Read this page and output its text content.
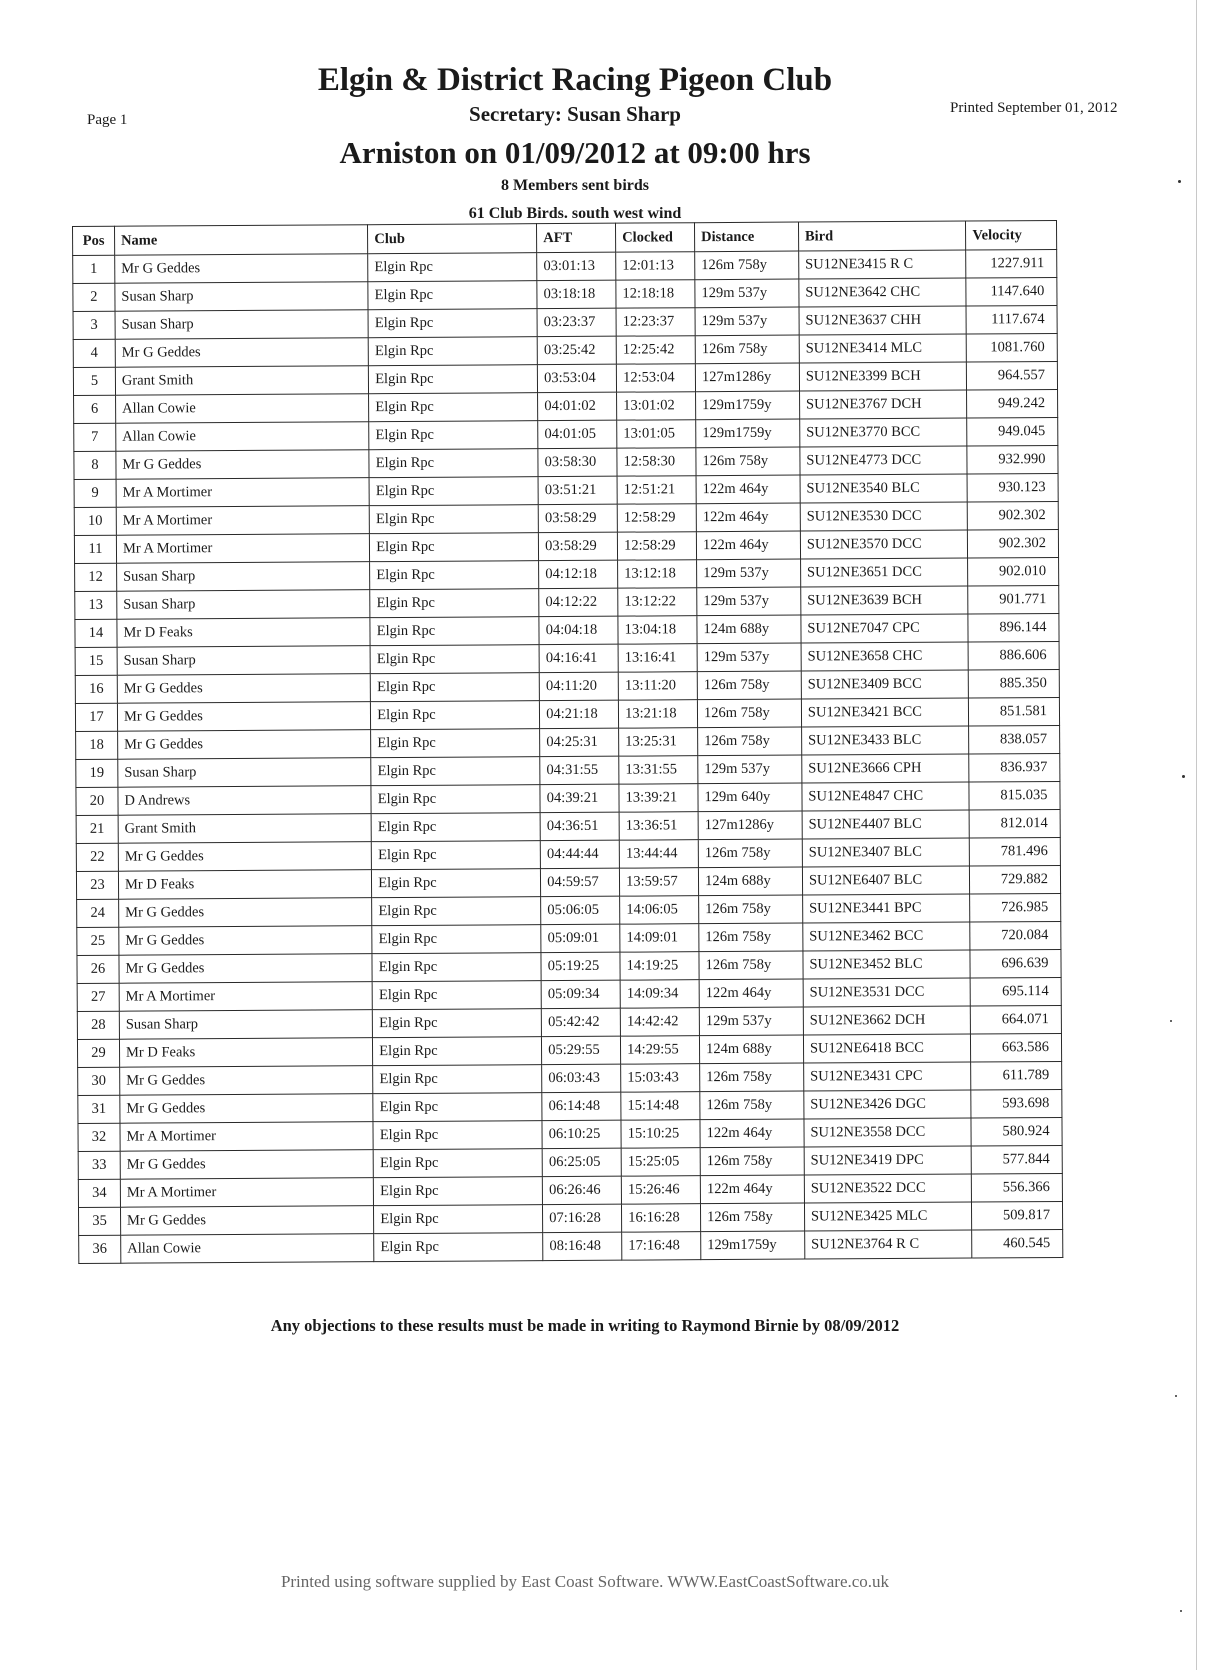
Page 1
Printed September 01, 2012
Elgin & District Racing Pigeon Club
Secretary: Susan Sharp
Arniston on 01/09/2012 at 09:00 hrs
8 Members sent birds
61 Club Birds. south west wind
Pos	Name	Club	AFT	Clocked	Distance	Bird	Velocity
1	Mr G Geddes	Elgin Rpc	03:01:13	12:01:13	126m 758y	SU12NE3415 R C	1227.911
2	Susan Sharp	Elgin Rpc	03:18:18	12:18:18	129m 537y	SU12NE3642 CHC	1147.640
3	Susan Sharp	Elgin Rpc	03:23:37	12:23:37	129m 537y	SU12NE3637 CHH	1117.674
4	Mr G Geddes	Elgin Rpc	03:25:42	12:25:42	126m 758y	SU12NE3414 MLC	1081.760
5	Grant Smith	Elgin Rpc	03:53:04	12:53:04	127m1286y	SU12NE3399 BCH	964.557
6	Allan Cowie	Elgin Rpc	04:01:02	13:01:02	129m1759y	SU12NE3767 DCH	949.242
7	Allan Cowie	Elgin Rpc	04:01:05	13:01:05	129m1759y	SU12NE3770 BCC	949.045
8	Mr G Geddes	Elgin Rpc	03:58:30	12:58:30	126m 758y	SU12NE4773 DCC	932.990
9	Mr A Mortimer	Elgin Rpc	03:51:21	12:51:21	122m 464y	SU12NE3540 BLC	930.123
10	Mr A Mortimer	Elgin Rpc	03:58:29	12:58:29	122m 464y	SU12NE3530 DCC	902.302
11	Mr A Mortimer	Elgin Rpc	03:58:29	12:58:29	122m 464y	SU12NE3570 DCC	902.302
12	Susan Sharp	Elgin Rpc	04:12:18	13:12:18	129m 537y	SU12NE3651 DCC	902.010
13	Susan Sharp	Elgin Rpc	04:12:22	13:12:22	129m 537y	SU12NE3639 BCH	901.771
14	Mr D Feaks	Elgin Rpc	04:04:18	13:04:18	124m 688y	SU12NE7047 CPC	896.144
15	Susan Sharp	Elgin Rpc	04:16:41	13:16:41	129m 537y	SU12NE3658 CHC	886.606
16	Mr G Geddes	Elgin Rpc	04:11:20	13:11:20	126m 758y	SU12NE3409 BCC	885.350
17	Mr G Geddes	Elgin Rpc	04:21:18	13:21:18	126m 758y	SU12NE3421 BCC	851.581
18	Mr G Geddes	Elgin Rpc	04:25:31	13:25:31	126m 758y	SU12NE3433 BLC	838.057
19	Susan Sharp	Elgin Rpc	04:31:55	13:31:55	129m 537y	SU12NE3666 CPH	836.937
20	D Andrews	Elgin Rpc	04:39:21	13:39:21	129m 640y	SU12NE4847 CHC	815.035
21	Grant Smith	Elgin Rpc	04:36:51	13:36:51	127m1286y	SU12NE4407 BLC	812.014
22	Mr G Geddes	Elgin Rpc	04:44:44	13:44:44	126m 758y	SU12NE3407 BLC	781.496
23	Mr D Feaks	Elgin Rpc	04:59:57	13:59:57	124m 688y	SU12NE6407 BLC	729.882
24	Mr G Geddes	Elgin Rpc	05:06:05	14:06:05	126m 758y	SU12NE3441 BPC	726.985
25	Mr G Geddes	Elgin Rpc	05:09:01	14:09:01	126m 758y	SU12NE3462 BCC	720.084
26	Mr G Geddes	Elgin Rpc	05:19:25	14:19:25	126m 758y	SU12NE3452 BLC	696.639
27	Mr A Mortimer	Elgin Rpc	05:09:34	14:09:34	122m 464y	SU12NE3531 DCC	695.114
28	Susan Sharp	Elgin Rpc	05:42:42	14:42:42	129m 537y	SU12NE3662 DCH	664.071
29	Mr D Feaks	Elgin Rpc	05:29:55	14:29:55	124m 688y	SU12NE6418 BCC	663.586
30	Mr G Geddes	Elgin Rpc	06:03:43	15:03:43	126m 758y	SU12NE3431 CPC	611.789
31	Mr G Geddes	Elgin Rpc	06:14:48	15:14:48	126m 758y	SU12NE3426 DGC	593.698
32	Mr A Mortimer	Elgin Rpc	06:10:25	15:10:25	122m 464y	SU12NE3558 DCC	580.924
33	Mr G Geddes	Elgin Rpc	06:25:05	15:25:05	126m 758y	SU12NE3419 DPC	577.844
34	Mr A Mortimer	Elgin Rpc	06:26:46	15:26:46	122m 464y	SU12NE3522 DCC	556.366
35	Mr G Geddes	Elgin Rpc	07:16:28	16:16:28	126m 758y	SU12NE3425 MLC	509.817
36	Allan Cowie	Elgin Rpc	08:16:48	17:16:48	129m1759y	SU12NE3764 R C	460.545
Any objections to these results must be made in writing to Raymond Birnie by 08/09/2012
Printed using software supplied by East Coast Software. WWW.EastCoastSoftware.co.uk
